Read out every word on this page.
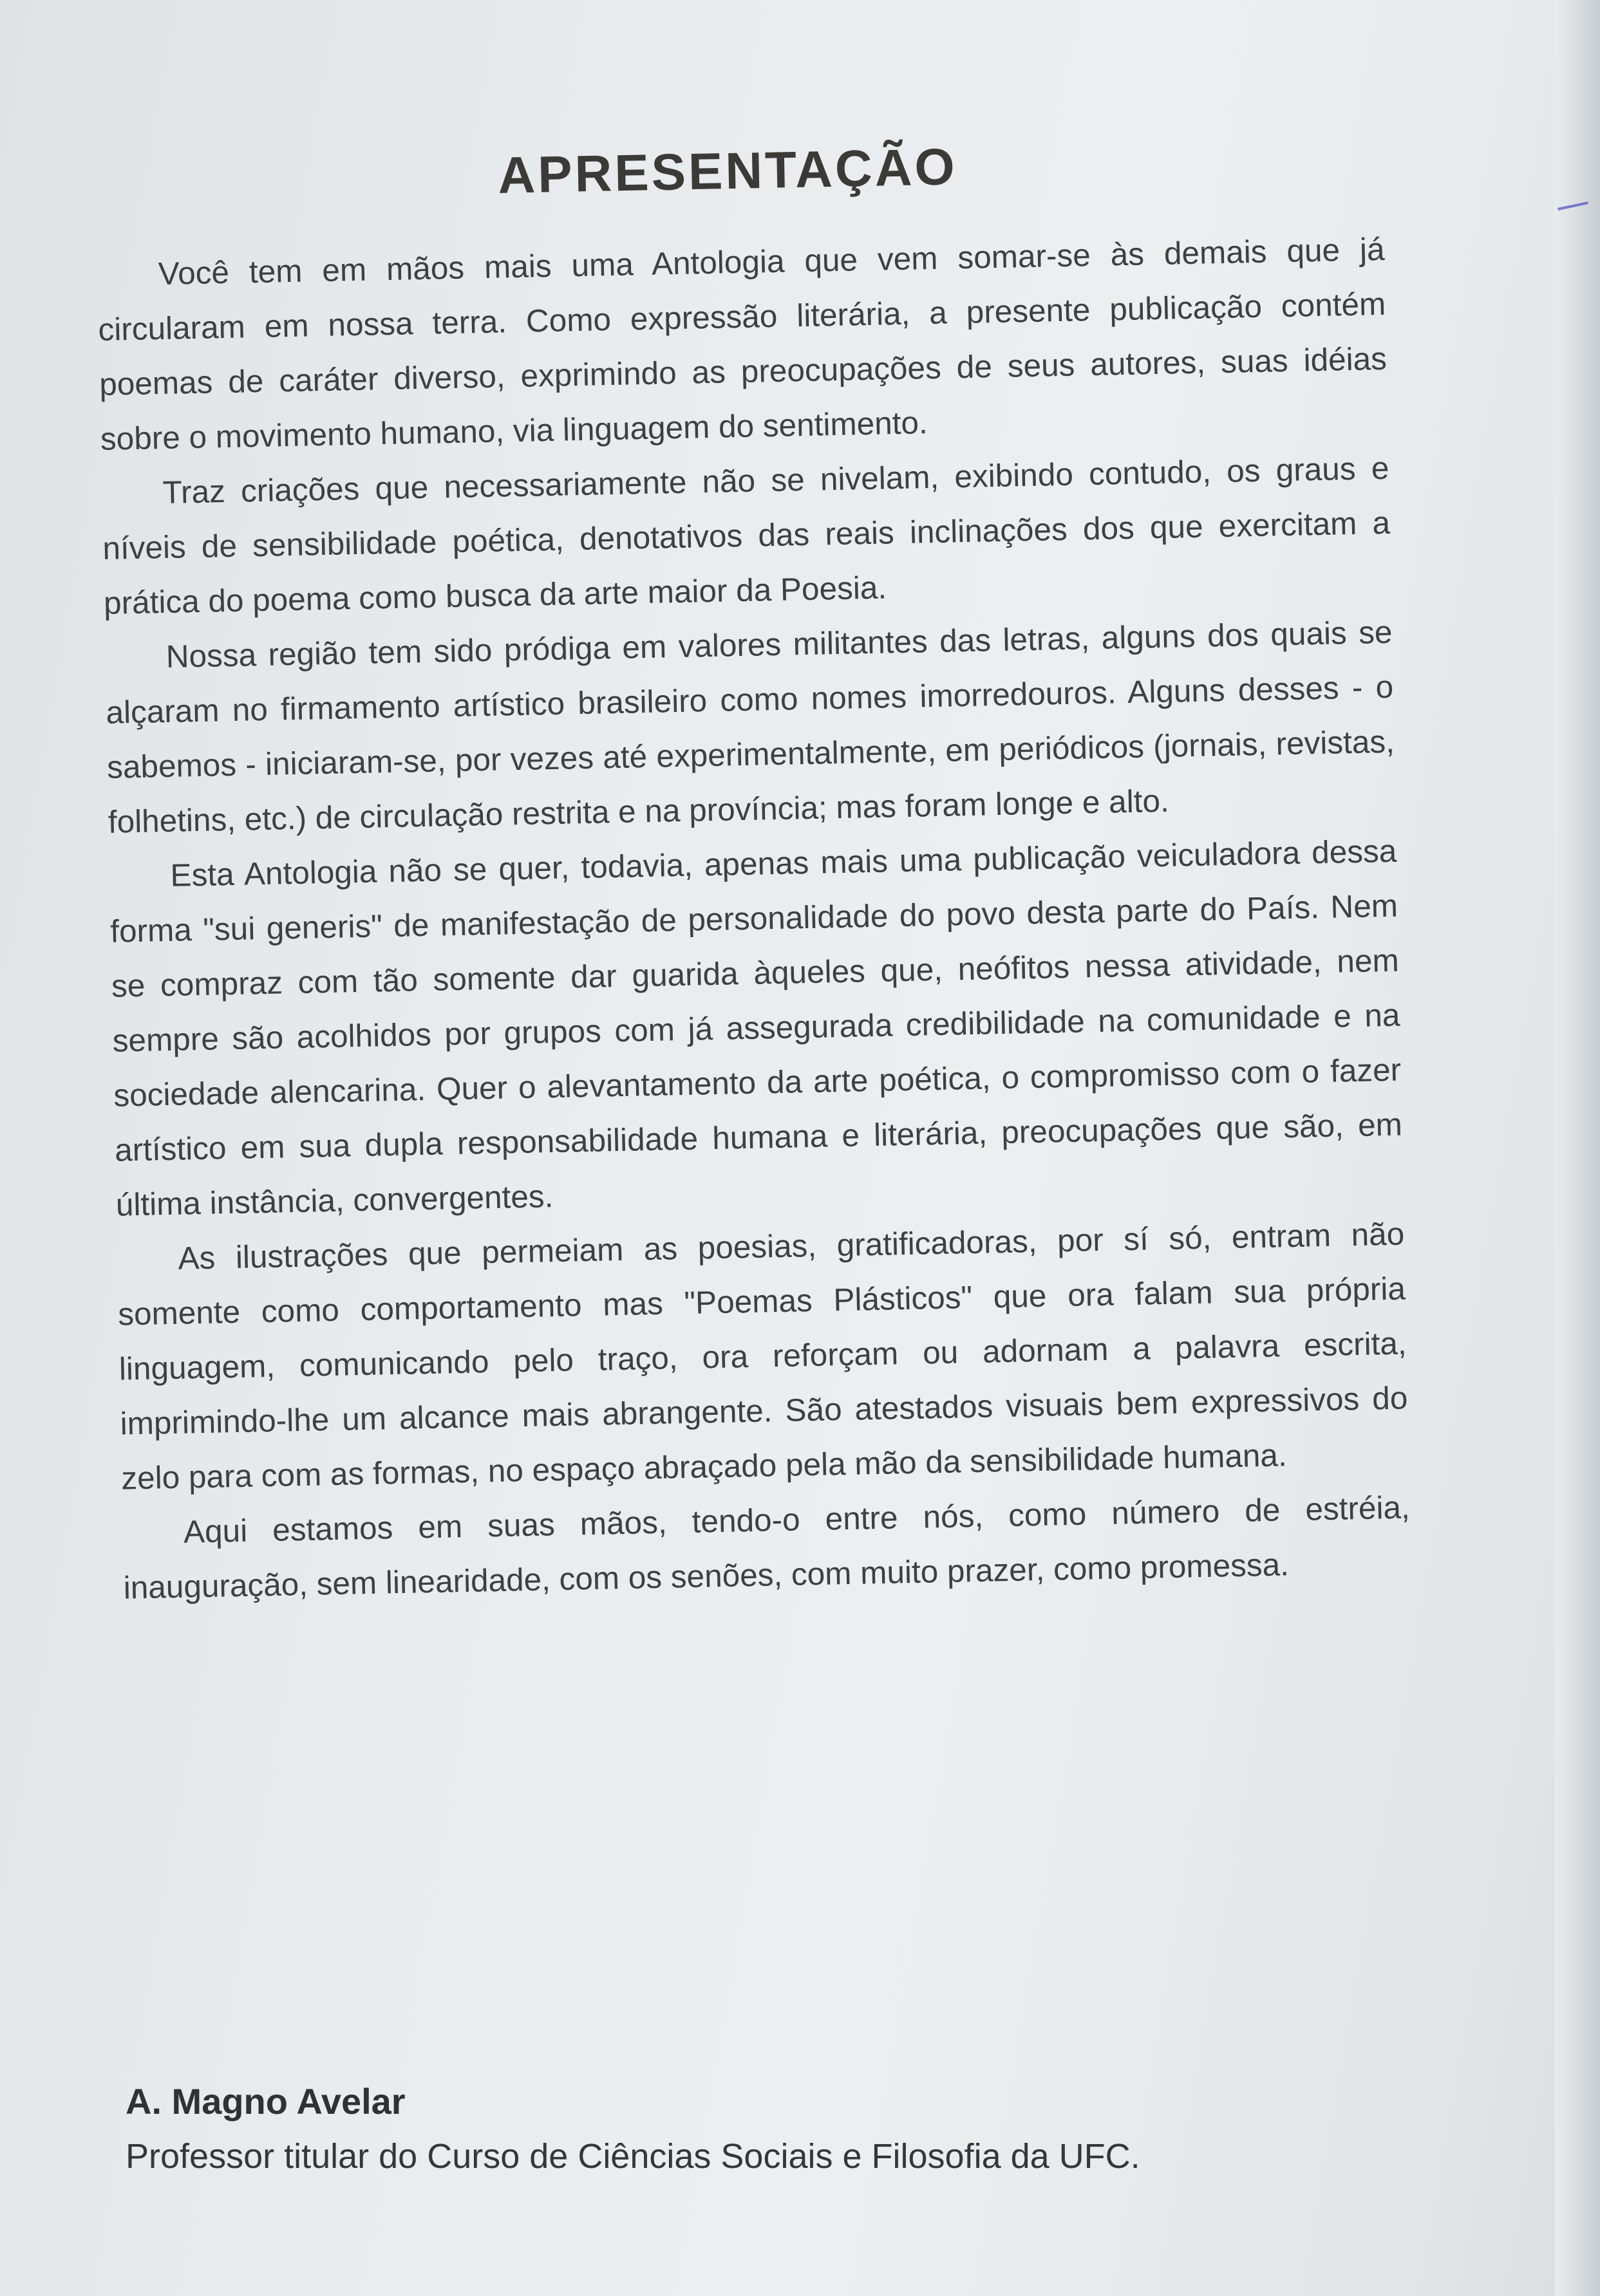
APRESENTAÇÃO

Você tem em mãos mais uma Antologia que vem somar-se às demais que já circularam em nossa terra. Como expressão literária, a presente publicação contém poemas de caráter diverso, exprimindo as preocupações de seus autores, suas idéias sobre o movimento humano, via linguagem do sentimento.

Traz criações que necessariamente não se nivelam, exibindo contudo, os graus e níveis de sensibilidade poética, denotativos das reais inclinações dos que exercitam a prática do poema como busca da arte maior da Poesia.

Nossa região tem sido pródiga em valores militantes das letras, alguns dos quais se alçaram no firmamento artístico brasileiro como nomes imorredouros. Alguns desses - o sabemos - iniciaram-se, por vezes até experimentalmente, em periódicos (jornais, revistas, folhetins, etc.) de circulação restrita e na província; mas foram longe e alto.

Esta Antologia não se quer, todavia, apenas mais uma publicação veiculadora dessa forma "sui generis" de manifestação de personalidade do povo desta parte do País. Nem se compraz com tão somente dar guarida àqueles que, neófitos nessa atividade, nem sempre são acolhidos por grupos com já assegurada credibilidade na comunidade e na sociedade alencarina. Quer o alevantamento da arte poética, o compromisso com o fazer artístico em sua dupla responsabilidade humana e literária, preocupações que são, em última instância, convergentes.

As ilustrações que permeiam as poesias, gratificadoras, por sí só, entram não somente como comportamento mas "Poemas Plásticos" que ora falam sua própria linguagem, comunicando pelo traço, ora reforçam ou adornam a palavra escrita, imprimindo-lhe um alcance mais abrangente. São atestados visuais bem expressivos do zelo para com as formas, no espaço abraçado pela mão da sensibilidade humana.

Aqui estamos em suas mãos, tendo-o entre nós, como número de estréia, inauguração, sem linearidade, com os senões, com muito prazer, como promessa.

A. Magno Avelar

Professor titular do Curso de Ciências Sociais e Filosofia da UFC.
